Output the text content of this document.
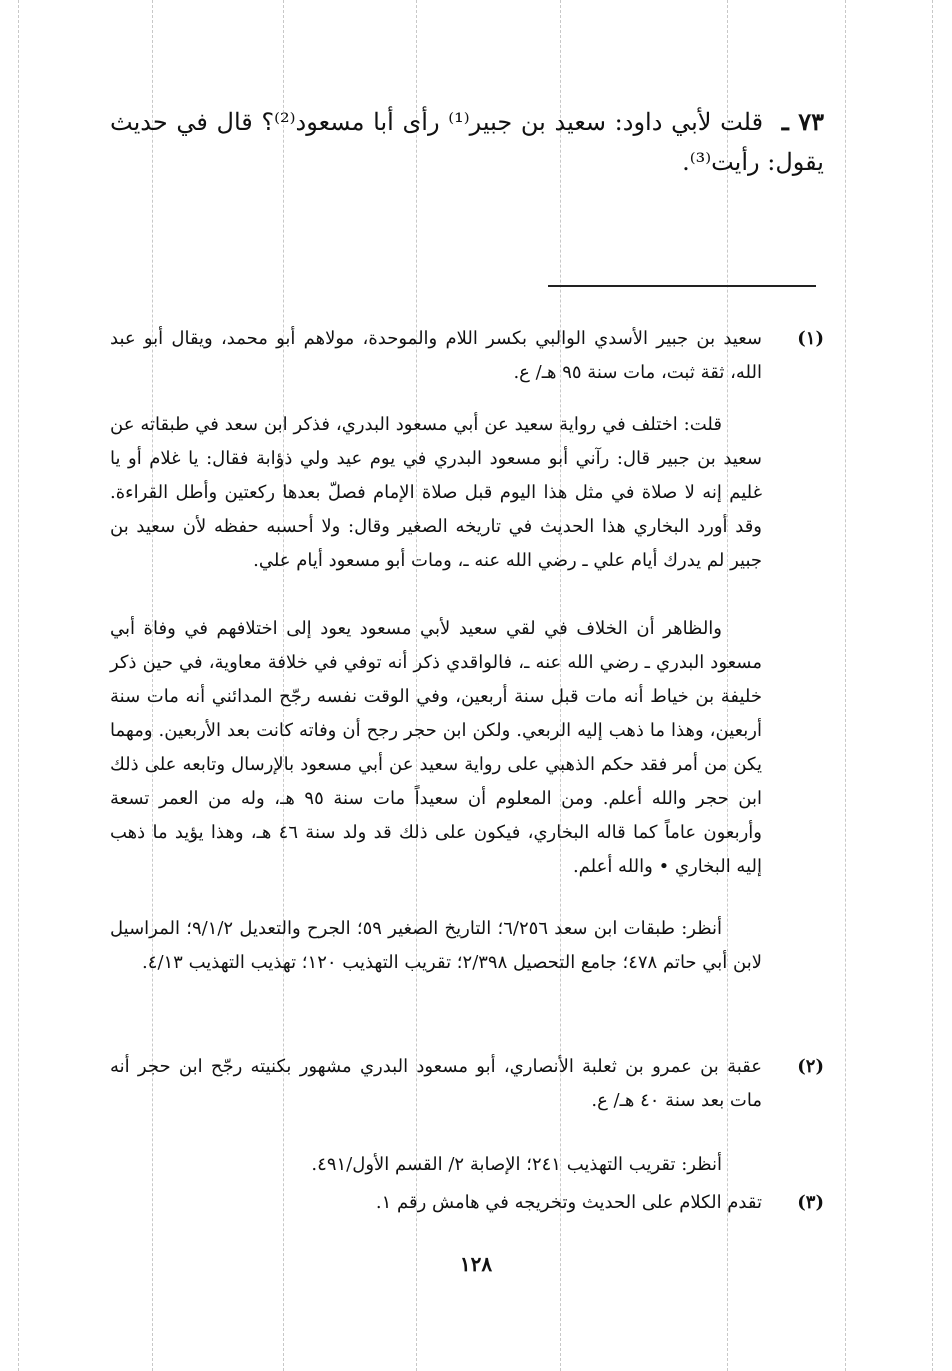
٧٣ ـ قلت لأبي داود: سعيد بن جبير⁽¹⁾ رأى أبا مسعود⁽²⁾؟ قال في حديث يقول: رأيت⁽³⁾.
(١)
سعيد بن جبير الأسدي الوالبي بكسر اللام والموحدة، مولاهم أبو محمد، ويقال أبو عبد الله، ثقة ثبت، مات سنة ٩٥ هـ/ ع.
قلت: اختلف في رواية سعيد عن أبي مسعود البدري، فذكر ابن سعد في طبقاته عن سعيد بن جبير قال: رآني أبو مسعود البدري في يوم عيد ولي ذؤابة فقال: يا غلام أو يا غليم إنه لا صلاة في مثل هذا اليوم قبل صلاة الإمام فصلّ بعدها ركعتين وأطل القراءة. وقد أورد البخاري هذا الحديث في تاريخه الصغير وقال: ولا أحسبه حفظه لأن سعيد بن جبير لم يدرك أيام علي ـ رضي الله عنه ـ، ومات أبو مسعود أيام علي.
والظاهر أن الخلاف في لقي سعيد لأبي مسعود يعود إلى اختلافهم في وفاة أبي مسعود البدري ـ رضي الله عنه ـ، فالواقدي ذكر أنه توفي في خلافة معاوية، في حين ذكر خليفة بن خياط أنه مات قبل سنة أربعين، وفي الوقت نفسه رجّح المدائني أنه مات سنة أربعين، وهذا ما ذهب إليه الربعي. ولكن ابن حجر رجح أن وفاته كانت بعد الأربعين. ومهما يكن من أمر فقد حكم الذهبي على رواية سعيد عن أبي مسعود بالإرسال وتابعه على ذلك ابن حجر والله أعلم. ومن المعلوم أن سعيداً مات سنة ٩٥ هـ، وله من العمر تسعة وأربعون عاماً كما قاله البخاري، فيكون على ذلك قد ولد سنة ٤٦ هـ، وهذا يؤيد ما ذهب إليه البخاري • والله أعلم.
أنظر: طبقات ابن سعد ٦/٢٥٦؛ التاريخ الصغير ٥٩؛ الجرح والتعديل ٩/١/٢؛ المراسيل لابن أبي حاتم ٤٧٨؛ جامع التحصيل ٢/٣٩٨؛ تقريب التهذيب ١٢٠؛ تهذيب التهذيب ٤/١٣.
(٢)
عقبة بن عمرو بن ثعلبة الأنصاري، أبو مسعود البدري مشهور بكنيته رجّح ابن حجر أنه مات بعد سنة ٤٠ هـ/ ع.
أنظر: تقريب التهذيب ٢٤١؛ الإصابة ٢/ القسم الأول/٤٩١.
(٣)
تقدم الكلام على الحديث وتخريجه في هامش رقم ١.
١٢٨
